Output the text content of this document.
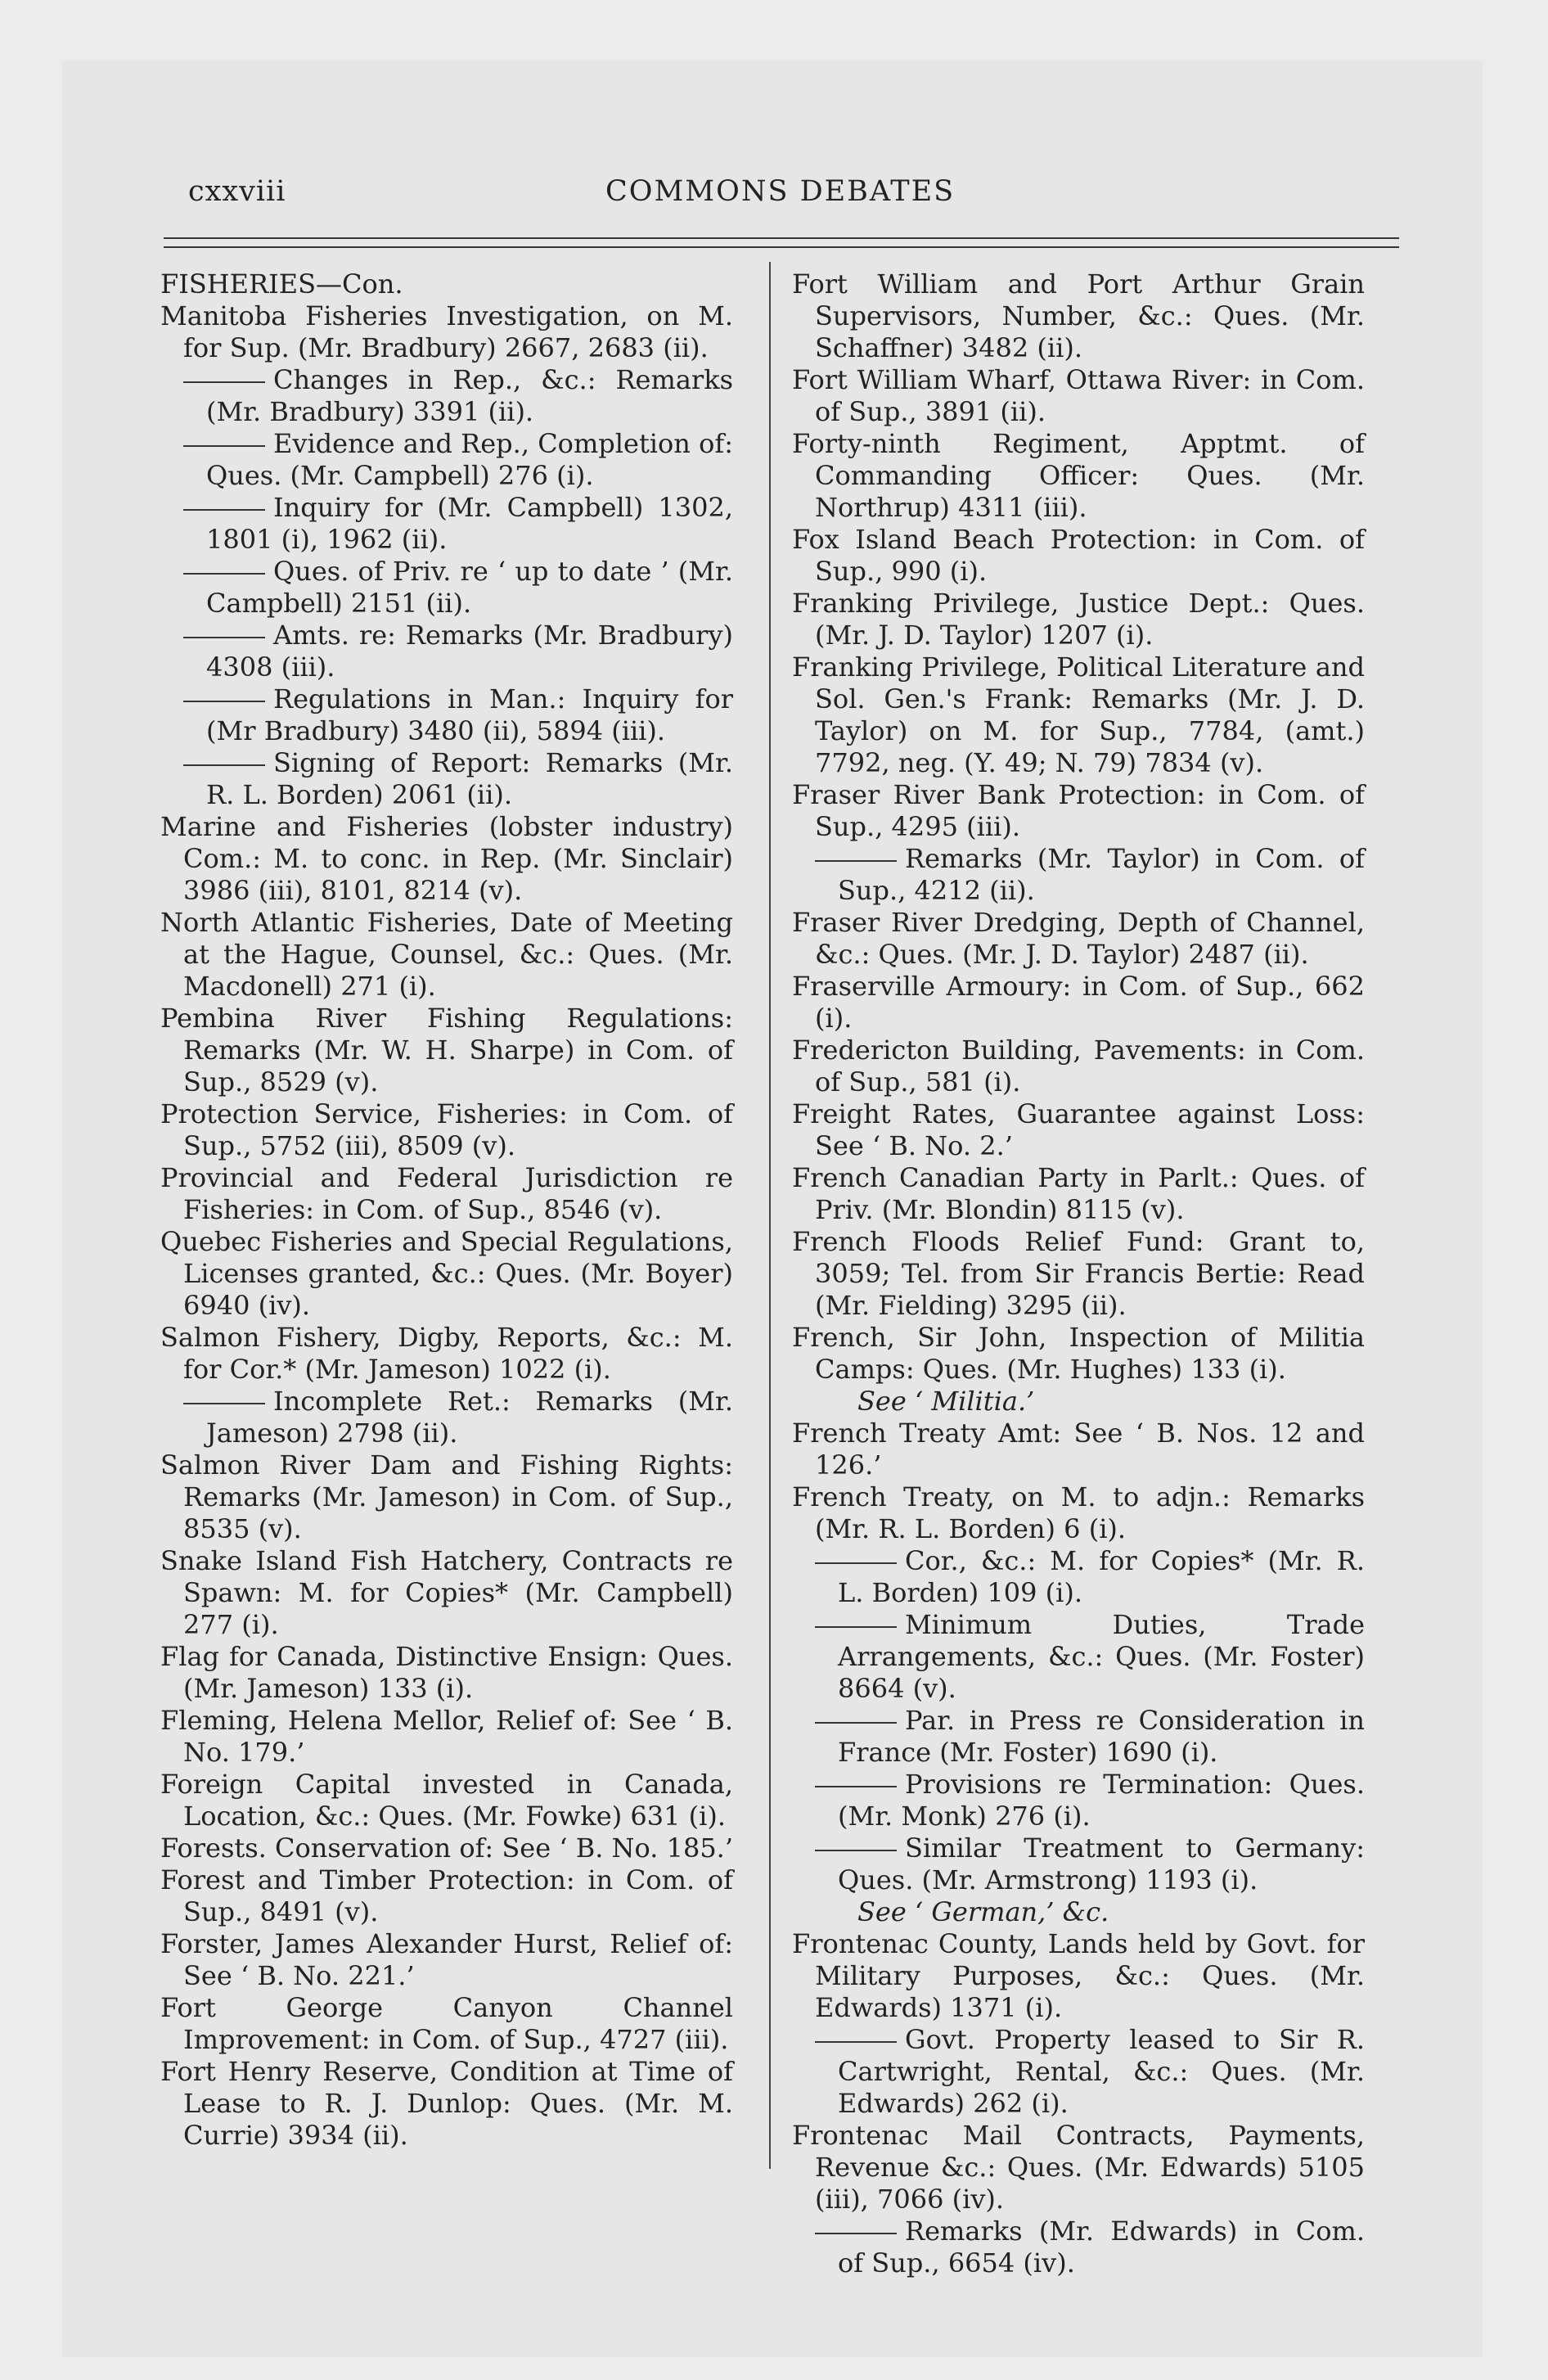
cxxviii	COMMONS DEBATES
FISHERIES—Con.
Manitoba Fisheries Investigation, on M. for Sup. (Mr. Bradbury) 2667, 2683 (ii).
Changes in Rep., &c.: Remarks (Mr. Bradbury) 3391 (ii).
Evidence and Rep., Completion of: Ques. (Mr. Campbell) 276 (i).
Inquiry for (Mr. Campbell) 1302, 1801 (i), 1962 (ii).
Ques. of Priv. re ‘ up to date ’ (Mr. Campbell) 2151 (ii).
Amts. re: Remarks (Mr. Bradbury) 4308 (iii).
Regulations in Man.: Inquiry for (Mr Bradbury) 3480 (ii), 5894 (iii).
Signing of Report: Remarks (Mr. R. L. Borden) 2061 (ii).
Marine and Fisheries (lobster industry) Com.: M. to conc. in Rep. (Mr. Sinclair) 3986 (iii), 8101, 8214 (v).
North Atlantic Fisheries, Date of Meeting at the Hague, Counsel, &c.: Ques. (Mr. Macdonell) 271 (i).
Pembina River Fishing Regulations: Remarks (Mr. W. H. Sharpe) in Com. of Sup., 8529 (v).
Protection Service, Fisheries: in Com. of Sup., 5752 (iii), 8509 (v).
Provincial and Federal Jurisdiction re Fisheries: in Com. of Sup., 8546 (v).
Quebec Fisheries and Special Regulations, Licenses granted, &c.: Ques. (Mr. Boyer) 6940 (iv).
Salmon Fishery, Digby, Reports, &c.: M. for Cor.* (Mr. Jameson) 1022 (i).
Incomplete Ret.: Remarks (Mr. Jameson) 2798 (ii).
Salmon River Dam and Fishing Rights: Remarks (Mr. Jameson) in Com. of Sup., 8535 (v).
Snake Island Fish Hatchery, Contracts re Spawn: M. for Copies* (Mr. Campbell) 277 (i).
Flag for Canada, Distinctive Ensign: Ques. (Mr. Jameson) 133 (i).
Fleming, Helena Mellor, Relief of: See ‘ B. No. 179.’
Foreign Capital invested in Canada, Location, &c.: Ques. (Mr. Fowke) 631 (i).
Forests. Conservation of: See ‘ B. No. 185.’
Forest and Timber Protection: in Com. of Sup., 8491 (v).
Forster, James Alexander Hurst, Relief of: See ‘ B. No. 221.’
Fort George Canyon Channel Improvement: in Com. of Sup., 4727 (iii).
Fort Henry Reserve, Condition at Time of Lease to R. J. Dunlop: Ques. (Mr. M. Currie) 3934 (ii).
Fort William and Port Arthur Grain Supervisors, Number, &c.: Ques. (Mr. Schaffner) 3482 (ii).
Fort William Wharf, Ottawa River: in Com. of Sup., 3891 (ii).
Forty-ninth Regiment, Apptmt. of Commanding Officer: Ques. (Mr. Northrup) 4311 (iii).
Fox Island Beach Protection: in Com. of Sup., 990 (i).
Franking Privilege, Justice Dept.: Ques. (Mr. J. D. Taylor) 1207 (i).
Franking Privilege, Political Literature and Sol. Gen.'s Frank: Remarks (Mr. J. D. Taylor) on M. for Sup., 7784, (amt.) 7792, neg. (Y. 49; N. 79) 7834 (v).
Fraser River Bank Protection: in Com. of Sup., 4295 (iii).
Remarks (Mr. Taylor) in Com. of Sup., 4212 (ii).
Fraser River Dredging, Depth of Channel, &c.: Ques. (Mr. J. D. Taylor) 2487 (ii).
Fraserville Armoury: in Com. of Sup., 662 (i).
Fredericton Building, Pavements: in Com. of Sup., 581 (i).
Freight Rates, Guarantee against Loss: See ‘ B. No. 2.’
French Canadian Party in Parlt.: Ques. of Priv. (Mr. Blondin) 8115 (v).
French Floods Relief Fund: Grant to, 3059; Tel. from Sir Francis Bertie: Read (Mr. Fielding) 3295 (ii).
French, Sir John, Inspection of Militia Camps: Ques. (Mr. Hughes) 133 (i).
See ‘ Militia.’
French Treaty Amt: See ‘ B. Nos. 12 and 126.’
French Treaty, on M. to adjn.: Remarks (Mr. R. L. Borden) 6 (i).
Cor., &c.: M. for Copies* (Mr. R. L. Borden) 109 (i).
Minimum Duties, Trade Arrangements, &c.: Ques. (Mr. Foster) 8664 (v).
Par. in Press re Consideration in France (Mr. Foster) 1690 (i).
Provisions re Termination: Ques. (Mr. Monk) 276 (i).
Similar Treatment to Germany: Ques. (Mr. Armstrong) 1193 (i).
See ‘ German,’ &c.
Frontenac County, Lands held by Govt. for Military Purposes, &c.: Ques. (Mr. Edwards) 1371 (i).
Govt. Property leased to Sir R. Cartwright, Rental, &c.: Ques. (Mr. Edwards) 262 (i).
Frontenac Mail Contracts, Payments, Revenue &c.: Ques. (Mr. Edwards) 5105 (iii), 7066 (iv).
Remarks (Mr. Edwards) in Com. of Sup., 6654 (iv).
